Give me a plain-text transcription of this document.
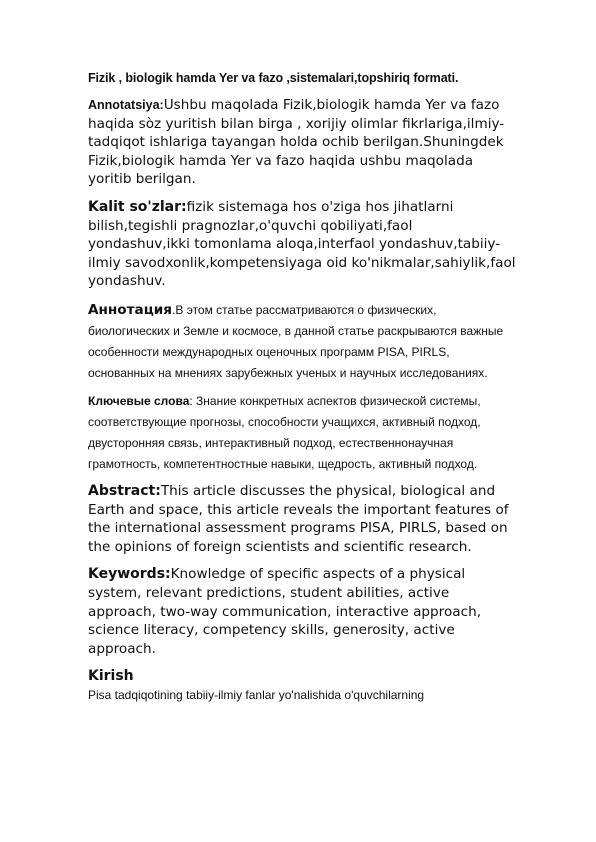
Fizik , biologik hamda Yer va fazo ,sistemalari,topshiriq formati.

Annotatsiya:Ushbu maqolada Fizik,biologik hamda Yer va fazo haqida sòz yuritish bilan birga , xorijiy olimlar fikrlariga,ilmiy-tadqiqot ishlariga tayangan holda ochib berilgan.Shuningdek Fizik,biologik hamda Yer va fazo haqida ushbu maqolada yoritib berilgan.

Kalit so'zlar:fizik sistemaga hos o'ziga hos jihatlarni bilish,tegishli pragnozlar,o'quvchi qobiliyati,faol yondashuv,ikki tomonlama aloqa,interfaol yondashuv,tabiiy-ilmiy savodxonlik,kompetensiyaga oid ko'nikmalar,sahiylik,faol yondashuv.

Аннотация.В этом статье рассматриваются о физических, биологических и Земле и космосе, в данной статье раскрываются важные особенности международных оценочных программ PISA, PIRLS, основанных на мнениях зарубежных ученых и научных исследованиях.

Ключевые слова: Знание конкретных аспектов физической системы, соответствующие прогнозы, способности учащихся, активный подход, двусторонняя связь, интерактивный подход, естественнонаучная грамотность, компетентностные навыки, щедрость, активный подход.

Abstract:This article discusses the physical, biological and Earth and space, this article reveals the important features of the international assessment programs PISA, PIRLS, based on the opinions of foreign scientists and scientific research.

Keywords:Knowledge of specific aspects of a physical system, relevant predictions, student abilities, active approach, two-way communication, interactive approach, science literacy, competency skills, generosity, active approach.

Kirish

Pisa tadqiqotining tabiiy-ilmiy fanlar yo'nalishida o'quvchilarning
